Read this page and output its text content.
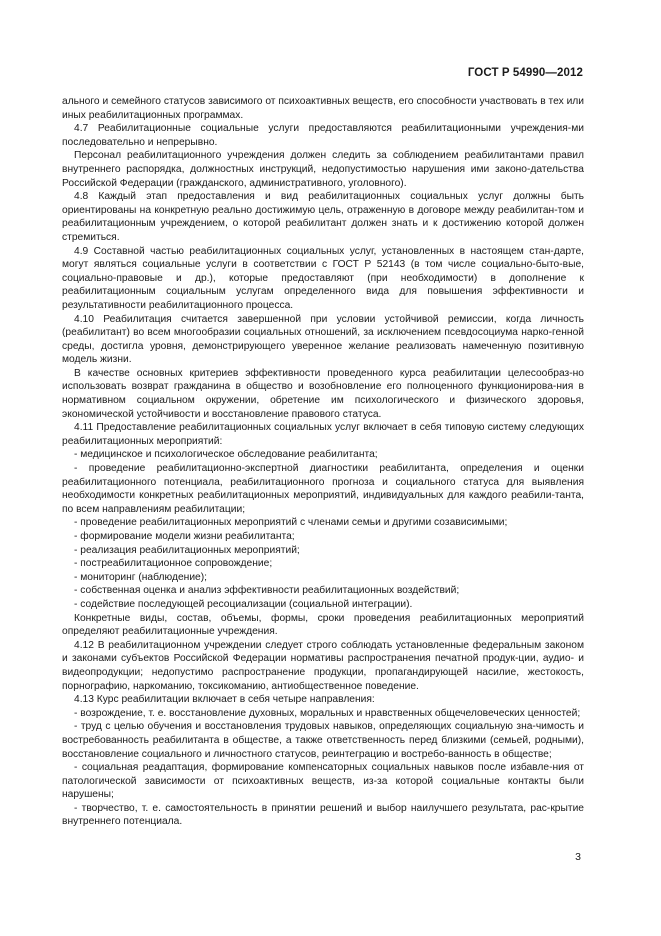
ГОСТ Р 54990—2012

ального и семейного статусов зависимого от психоактивных веществ, его способности участвовать в тех или иных реабилитационных программах.

4.7 Реабилитационные социальные услуги предоставляются реабилитационными учреждения-ми последовательно и непрерывно.

Персонал реабилитационного учреждения должен следить за соблюдением реабилитантами правил внутреннего распорядка, должностных инструкций, недопустимостью нарушения ими законо-дательства Российской Федерации (гражданского, административного, уголовного).

4.8 Каждый этап предоставления и вид реабилитационных социальных услуг должны быть ориентированы на конкретную реально достижимую цель, отраженную в договоре между реабилитан-том и реабилитационным учреждением, о которой реабилитант должен знать и к достижению которой должен стремиться.

4.9 Составной частью реабилитационных социальных услуг, установленных в настоящем стан-дарте, могут являться социальные услуги в соответствии с ГОСТ Р 52143 (в том числе социально-быто-вые, социально-правовые и др.), которые предоставляют (при необходимости) в дополнение к реабилитационным социальным услугам определенного вида для повышения эффективности и результативности реабилитационного процесса.

4.10 Реабилитация считается завершенной при условии устойчивой ремиссии, когда личность (реабилитант) во всем многообразии социальных отношений, за исключением псевдосоциума нарко-генной среды, достигла уровня, демонстрирующего уверенное желание реализовать намеченную позитивную модель жизни.

В качестве основных критериев эффективности проведенного курса реабилитации целесообраз-но использовать возврат гражданина в общество и возобновление его полноценного функционирова-ния в нормативном социальном окружении, обретение им психологического и физического здоровья, экономической устойчивости и восстановление правового статуса.

4.11 Предоставление реабилитационных социальных услуг включает в себя типовую систему следующих реабилитационных мероприятий:

- медицинское и психологическое обследование реабилитанта;

- проведение реабилитационно-экспертной диагностики реабилитанта, определения и оценки реабилитационного потенциала, реабилитационного прогноза и социального статуса для выявления необходимости конкретных реабилитационных мероприятий, индивидуальных для каждого реабили-танта, по всем направлениям реабилитации;

- проведение реабилитационных мероприятий с членами семьи и другими созависимыми;

- формирование модели жизни реабилитанта;

- реализация реабилитационных мероприятий;

- постреабилитационное сопровождение;

- мониторинг (наблюдение);

- собственная оценка и анализ эффективности реабилитационных воздействий;

- содействие последующей ресоциализации (социальной интеграции).

Конкретные виды, состав, объемы, формы, сроки проведения реабилитационных мероприятий определяют реабилитационные учреждения.

4.12 В реабилитационном учреждении следует строго соблюдать установленные федеральным законом и законами субъектов Российской Федерации нормативы распространения печатной продук-ции, аудио- и видеопродукции; недопустимо распространение продукции, пропагандирующей насилие, жестокость, порнографию, наркоманию, токсикоманию, антиобщественное поведение.

4.13 Курс реабилитации включает в себя четыре направления:

- возрождение, т. е. восстановление духовных, моральных и нравственных общечеловеческих ценностей;

- труд с целью обучения и восстановления трудовых навыков, определяющих социальную зна-чимость и востребованность реабилитанта в обществе, а также ответственность перед близкими (семьей, родными), восстановление социального и личностного статусов, реинтеграцию и востребо-ванность в обществе;

- социальная реадаптация, формирование компенсаторных социальных навыков после избавле-ния от патологической зависимости от психоактивных веществ, из-за которой социальные контакты были нарушены;

- творчество, т. е. самостоятельность в принятии решений и выбор наилучшего результата, рас-крытие внутреннего потенциала.

3
